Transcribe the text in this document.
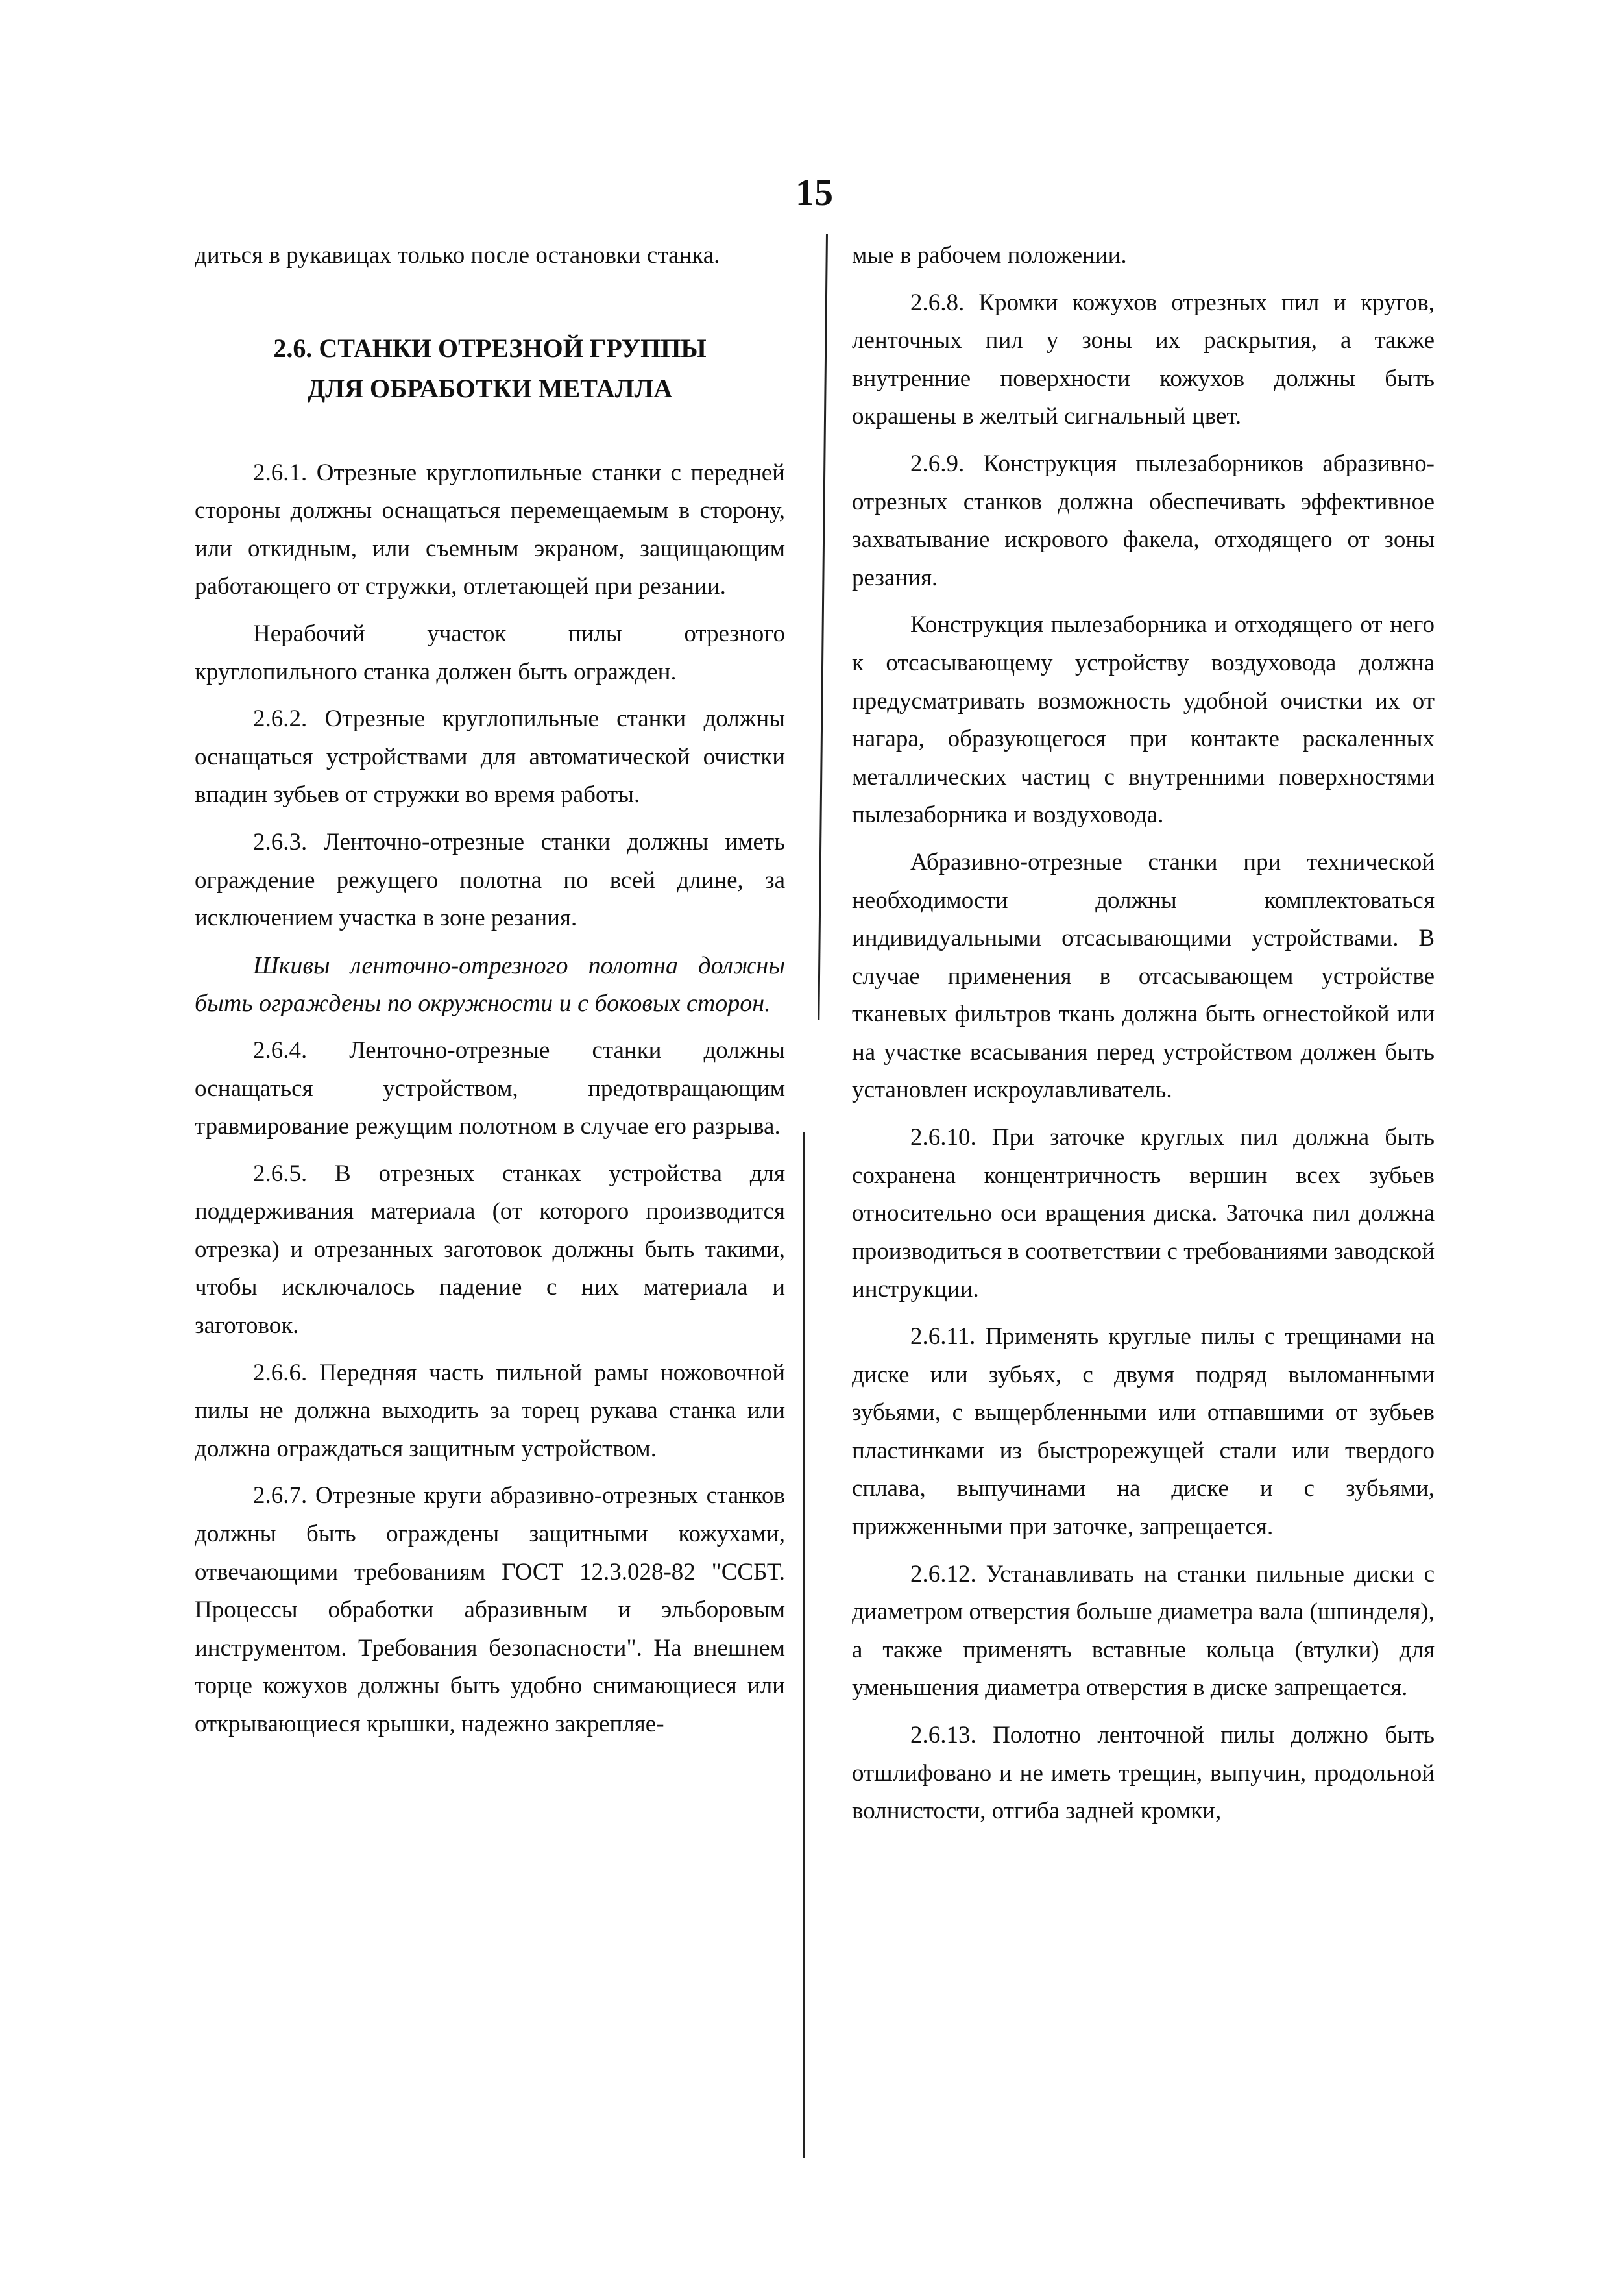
15

диться в рукавицах только после остановки станка.

2.6. СТАНКИ ОТРЕЗНОЙ ГРУППЫ
ДЛЯ ОБРАБОТКИ МЕТАЛЛА

2.6.1. Отрезные круглопильные станки с передней стороны должны оснащаться перемещаемым в сторону, или откидным, или съемным экраном, защищающим работающего от стружки, отлетающей при резании.

Нерабочий участок пилы отрезного круглопильного станка должен быть огражден.

2.6.2. Отрезные круглопильные станки должны оснащаться устройствами для автоматической очистки впадин зубьев от стружки во время работы.

2.6.3. Ленточно-отрезные станки должны иметь ограждение режущего полотна по всей длине, за исключением участка в зоне резания.

Шкивы ленточно-отрезного полотна должны быть ограждены по окружности и с боковых сторон.

2.6.4. Ленточно-отрезные станки должны оснащаться устройством, предотвращающим травмирование режущим полотном в случае его разрыва.

2.6.5. В отрезных станках устройства для поддерживания материала (от которого производится отрезка) и отрезанных заготовок должны быть такими, чтобы исключалось падение с них материала и заготовок.

2.6.6. Передняя часть пильной рамы ножовочной пилы не должна выходить за торец рукава станка или должна ограждаться защитным устройством.

2.6.7. Отрезные круги абразивно-отрезных станков должны быть ограждены защитными кожухами, отвечающими требованиям ГОСТ 12.3.028-82 "ССБТ. Процессы обработки абразивным и эльборовым инструментом. Требования безопасности". На внешнем торце кожухов должны быть удобно снимающиеся или открывающиеся крышки, надежно закрепляе-

мые в рабочем положении.

2.6.8. Кромки кожухов отрезных пил и кругов, ленточных пил у зоны их раскрытия, а также внутренние поверхности кожухов должны быть окрашены в желтый сигнальный цвет.

2.6.9. Конструкция пылезаборников абразивно-отрезных станков должна обеспечивать эффективное захватывание искрового факела, отходящего от зоны резания.

Конструкция пылезаборника и отходящего от него к отсасывающему устройству воздуховода должна предусматривать возможность удобной очистки их от нагара, образующегося при контакте раскаленных металлических частиц с внутренними поверхностями пылезаборника и воздуховода.

Абразивно-отрезные станки при технической необходимости должны комплектоваться индивидуальными отсасывающими устройствами. В случае применения в отсасывающем устройстве тканевых фильтров ткань должна быть огнестойкой или на участке всасывания перед устройством должен быть установлен искроулавливатель.

2.6.10. При заточке круглых пил должна быть сохранена концентричность вершин всех зубьев относительно оси вращения диска. Заточка пил должна производиться в соответствии с требованиями заводской инструкции.

2.6.11. Применять круглые пилы с трещинами на диске или зубьях, с двумя подряд выломанными зубьями, с выщербленными или отпавшими от зубьев пластинками из быстрорежущей стали или твердого сплава, выпучинами на диске и с зубьями, прижженными при заточке, запрещается.

2.6.12. Устанавливать на станки пильные диски с диаметром отверстия больше диаметра вала (шпинделя), а также применять вставные кольца (втулки) для уменьшения диаметра отверстия в диске запрещается.

2.6.13. Полотно ленточной пилы должно быть отшлифовано и не иметь трещин, выпучин, продольной волнистости, отгиба задней кромки,
